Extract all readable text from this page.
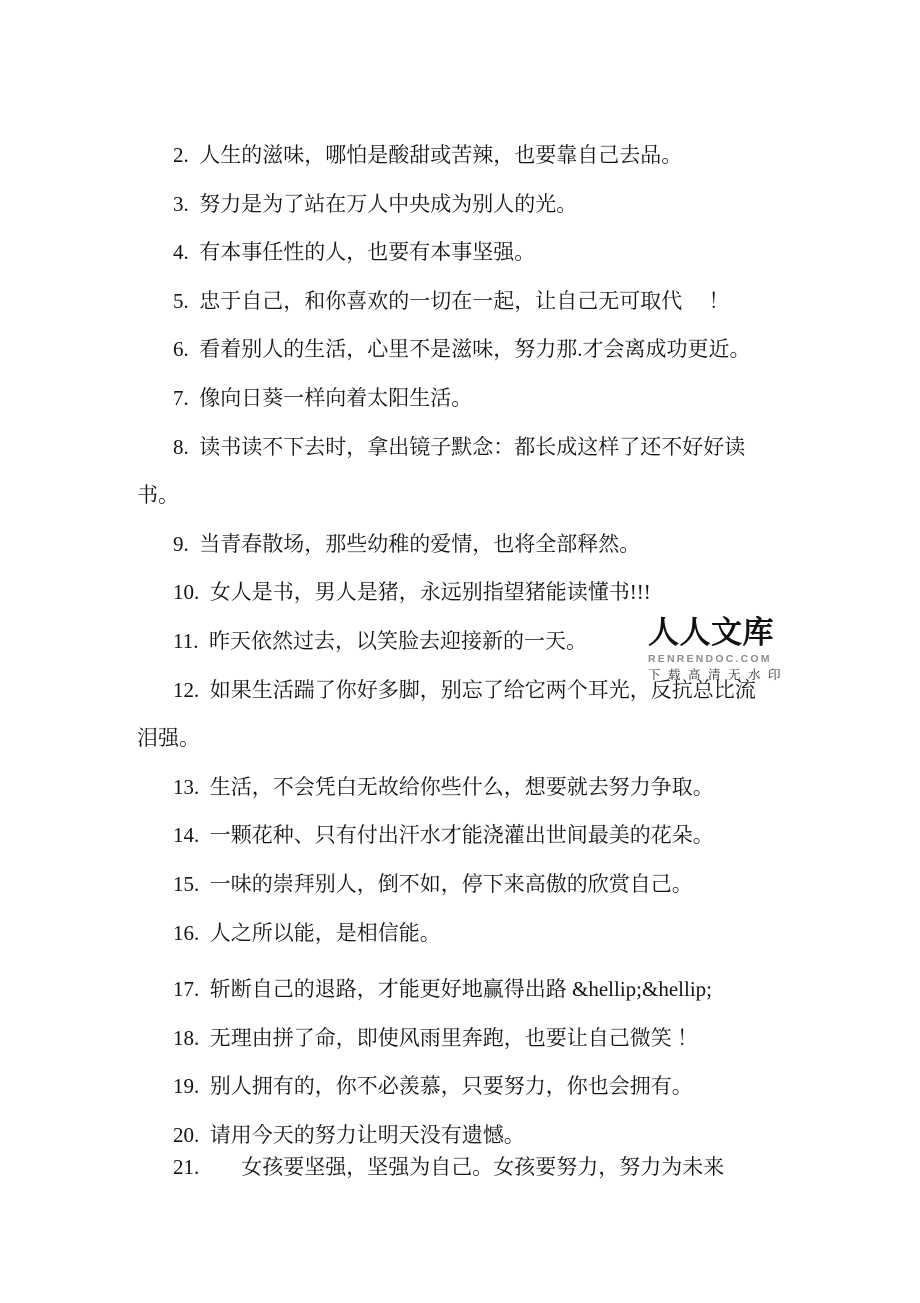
2.  人生的滋味，哪怕是酸甜或苦辣，也要靠自己去品。
3.  努力是为了站在万人中央成为别人的光。
4.  有本事任性的人，也要有本事坚强。
5.  忠于自己，和你喜欢的一切在一起，让自己无可取代　 ！
6.  看着别人的生活，心里不是滋味，努力那.才会离成功更近。
7.  像向日葵一样向着太阳生活。
8.  读书读不下去时，拿出镜子默念：都长成这样了还不好好读
书。
9.  当青春散场，那些幼稚的爱情，也将全部释然。
10.  女人是书，男人是猪，永远别指望猪能读懂书!!!
11.  昨天依然过去，以笑脸去迎接新的一天。
12.  如果生活踹了你好多脚，别忘了给它两个耳光，反抗总比流
泪强。
13.  生活，不会凭白无故给你些什么，想要就去努力争取。
14.  一颗花种、只有付出汗水才能浇灌出世间最美的花朵。
15.  一味的崇拜别人，倒不如，停下来高傲的欣赏自己。
16.  人之所以能，是相信能。
17.  斩断自己的退路，才能更好地赢得出路 &hellip;&hellip;
18.  无理由拼了命，即使风雨里奔跑，也要让自己微笑 ！
19.  别人拥有的，你不必羡慕，只要努力，你也会拥有。
20.  请用今天的努力让明天没有遗憾。
21.　　女孩要坚强，坚强为自己。女孩要努力，努力为未来
人人文库
RENRENDOC.COM
下载高清无水印
